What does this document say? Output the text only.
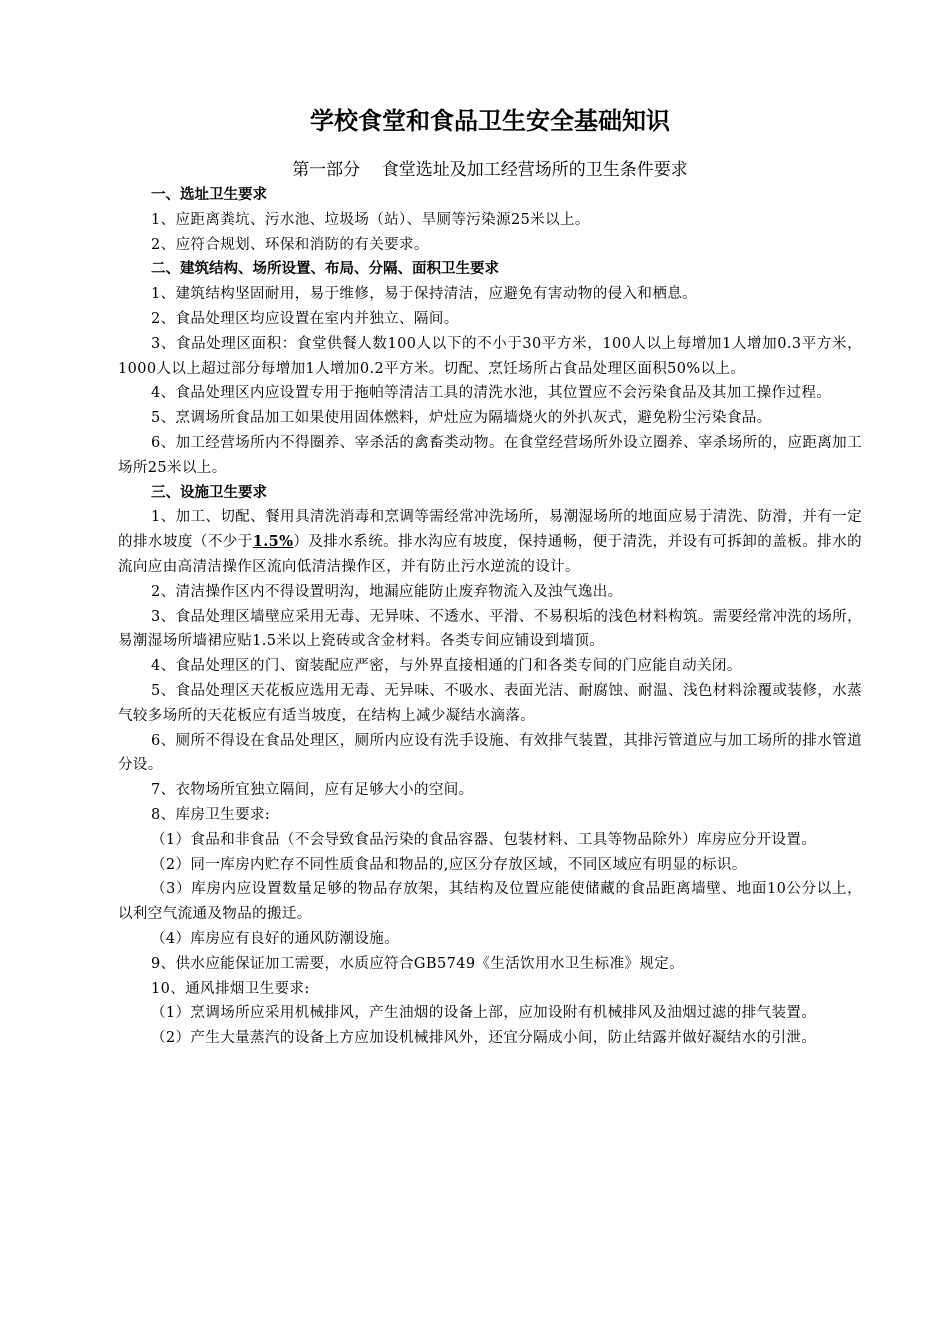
学校食堂和食品卫生安全基础知识
第一部分    食堂选址及加工经营场所的卫生条件要求

一、选址卫生要求

1、应距离粪坑、污水池、垃圾场（站）、旱厕等污染源25米以上。

2、应符合规划、环保和消防的有关要求。

二、建筑结构、场所设置、布局、分隔、面积卫生要求

1、建筑结构坚固耐用，易于维修，易于保持清洁，应避免有害动物的侵入和栖息。

2、食品处理区均应设置在室内并独立、隔间。

3、食品处理区面积：食堂供餐人数100人以下的不小于30平方米，100人以上每增加1人增加0.3平方米，1000人以上超过部分每增加1人增加0.2平方米。切配、烹饪场所占食品处理区面积50%以上。

4、食品处理区内应设置专用于拖帕等清洁工具的清洗水池，其位置应不会污染食品及其加工操作过程。

5、烹调场所食品加工如果使用固体燃料，炉灶应为隔墙烧火的外扒灰式，避免粉尘污染食品。

6、加工经营场所内不得圈养、宰杀活的禽畜类动物。在食堂经营场所外设立圈养、宰杀场所的，应距离加工场所25米以上。

三、设施卫生要求

1、加工、切配、餐用具清洗消毒和烹调等需经常冲洗场所，易潮湿场所的地面应易于清洗、防滑，并有一定的排水坡度（不少于1.5%）及排水系统。排水沟应有坡度，保持通畅，便于清洗，并设有可拆卸的盖板。排水的流向应由高清洁操作区流向低清洁操作区，并有防止污水逆流的设计。

2、清洁操作区内不得设置明沟，地漏应能防止废弃物流入及浊气逸出。

3、食品处理区墙壁应采用无毒、无异味、不透水、平滑、不易积垢的浅色材料构筑。需要经常冲洗的场所，易潮湿场所墙裙应贴1.5米以上瓷砖或含金材料。各类专间应铺设到墙顶。

4、食品处理区的门、窗装配应严密，与外界直接相通的门和各类专间的门应能自动关闭。

5、食品处理区天花板应选用无毒、无异味、不吸水、表面光洁、耐腐蚀、耐温、浅色材料涂覆或装修，水蒸气较多场所的天花板应有适当坡度，在结构上减少凝结水滴落。

6、厕所不得设在食品处理区，厕所内应设有洗手设施、有效排气装置，其排污管道应与加工场所的排水管道分设。

7、衣物场所宜独立隔间，应有足够大小的空间。

8、库房卫生要求:

（1）食品和非食品（不会导致食品污染的食品容器、包装材料、工具等物品除外）库房应分开设置。

（2）同一库房内贮存不同性质食品和物品的,应区分存放区域，不同区域应有明显的标识。

（3）库房内应设置数量足够的物品存放架，其结构及位置应能使储藏的食品距离墙壁、地面10公分以上，以利空气流通及物品的搬迁。

（4）库房应有良好的通风防潮设施。

9、供水应能保证加工需要，水质应符合GB5749《生活饮用水卫生标准》规定。

10、通风排烟卫生要求:

（1）烹调场所应采用机械排风，产生油烟的设备上部，应加设附有机械排风及油烟过滤的排气装置。

（2）产生大量蒸汽的设备上方应加设机械排风外，还宜分隔成小间，防止结露并做好凝结水的引泄。
